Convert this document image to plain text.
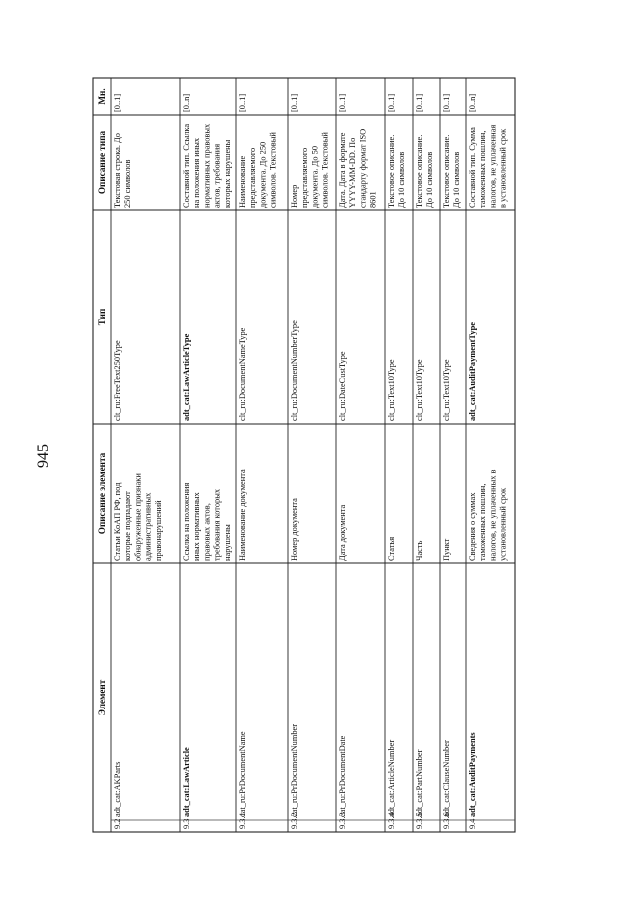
945
Элемент
Описание элемента
Тип
Описание типа
Мн.
9.2
adt_cat:AKParts
Статьи КоАП РФ, под которые подпадают обнаруженные признаки административных правонарушений
clt_ru:FreeText250Type
Текстовая строка. До 250 символов
[0..1]
9.3
adt_cat:LawArticle
Ссылка на положения иных нормативных правовых актов, требования которых нарушены
adt_cat:LawArticleType
Составной тип. Ссылка на положения иных нормативных правовых актов, требования которых нарушены
[0..n]
9.3.1
cat_ru:PrDocumentName
Наименование документа
clt_ru:DocumentNameType
Наименование представляемого документа. До 250 символов. Текстовый
[0..1]
9.3.2
cat_ru:PrDocumentNumber
Номер документа
clt_ru:DocumentNumberType
Номер представляемого документа. До 50 символов. Текстовый
[0..1]
9.3.3
cat_ru:PrDocumentDate
Дата документа
clt_ru:DateCustType
Дата. Дата в формате YYYY-MM-DD. По стандарту формат ISO 8601
[0..1]
9.3.4
adt_cat:ArticleNumber
Статья
clt_ru:Text10Type
Текстовое описание. До 10 символов
[0..1]
9.3.5
adt_cat:PartNumber
Часть
clt_ru:Text10Type
Текстовое описание. До 10 символов
[0..1]
9.3.6
adt_cat:ClauseNumber
Пункт
clt_ru:Text10Type
Текстовое описание. До 10 символов
[0..1]
9.4
adt_cat:AuditPayments
Сведения о суммах таможенных пошлин, налогов, не уплаченных в установленный срок
adt_cat:AuditPaymentType
Составной тип. Сумма таможенных пошлин, налогов, не уплаченная в установленный срок
[0..n]
